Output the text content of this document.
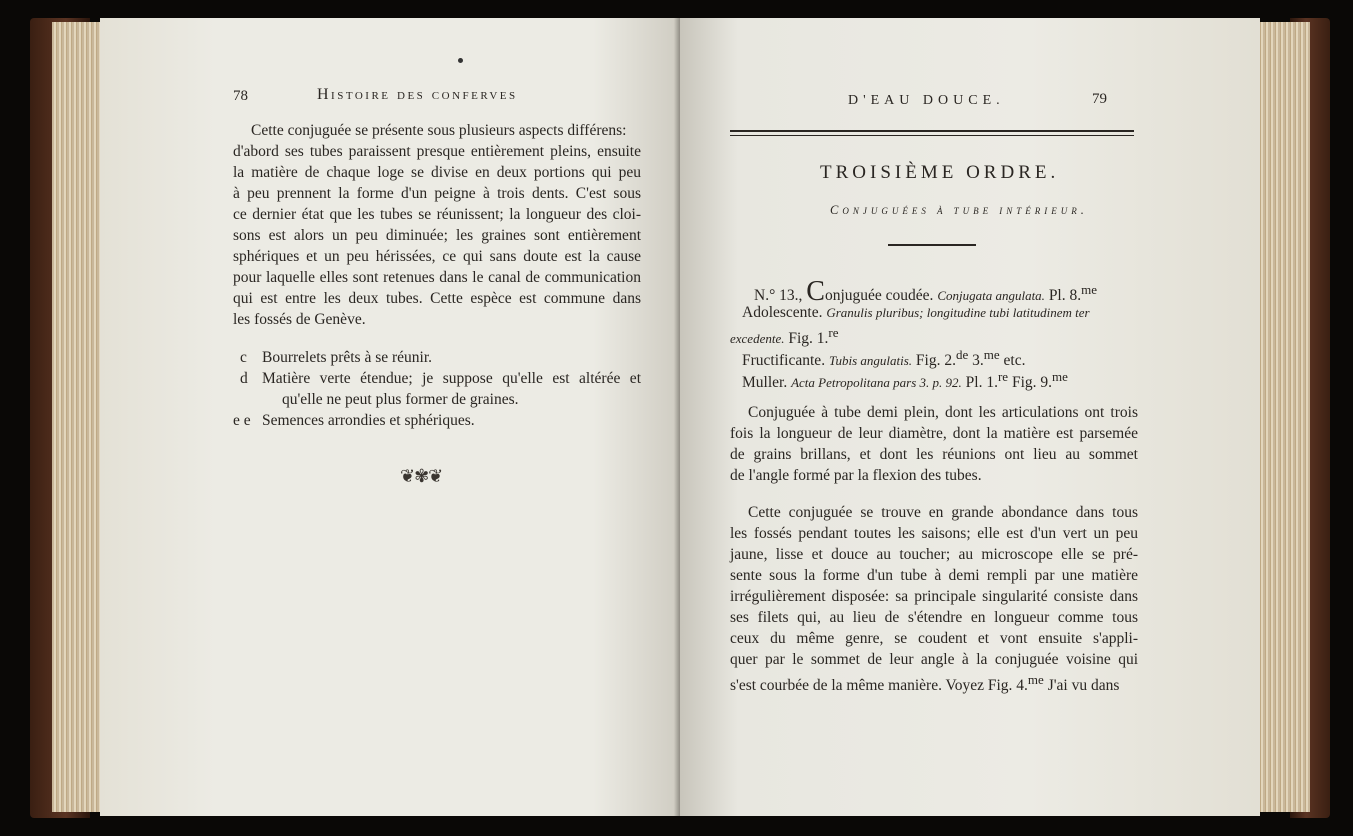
78	Histoire des conferves
Cette conjuguée se présente sous plusieurs aspects différens:
d'abord ses tubes paraissent presque entièrement pleins, ensuite
la matière de chaque loge se divise en deux portions qui peu
à peu prennent la forme d'un peigne à trois dents. C'est sous
ce dernier état que les tubes se réunissent; la longueur des cloi-
sons est alors un peu diminuée; les graines sont entièrement
sphériques et un peu hérissées, ce qui sans doute est la cause
pour laquelle elles sont retenues dans le canal de communication
qui est entre les deux tubes. Cette espèce est commune dans
les fossés de Genève.
c Bourrelets prêts à se réunir.
d Matière verte étendue; je suppose qu'elle est altérée et
qu'elle ne peut plus former de graines.
e e Semences arrondies et sphériques.
❦✾❦
D'EAU DOUCE.	79
TROISIÈME ORDRE.
Conjuguées à tube intérieur.
N.° 13., Conjuguée coudée. Conjugata angulata. Pl. 8.$^{me}$
Adolescente. Granulis pluribus; longitudine tubi latitudinem ter
excedente. Fig. 1.$^{re}$
Fructificante. Tubis angulatis. Fig. 2.$^{de}$ 3.$^{me}$ etc.
Muller. Acta Petropolitana pars 3. p. 92. Pl. 1.$^{re}$ Fig. 9.$^{me}$
Conjuguée à tube demi plein, dont les articulations ont trois
fois la longueur de leur diamètre, dont la matière est parsemée
de grains brillans, et dont les réunions ont lieu au sommet
de l'angle formé par la flexion des tubes.
Cette conjuguée se trouve en grande abondance dans tous
les fossés pendant toutes les saisons; elle est d'un vert un peu
jaune, lisse et douce au toucher; au microscope elle se pré-
sente sous la forme d'un tube à demi rempli par une matière
irrégulièrement disposée: sa principale singularité consiste dans
ses filets qui, au lieu de s'étendre en longueur comme tous
ceux du même genre, se coudent et vont ensuite s'appli-
quer par le sommet de leur angle à la conjuguée voisine qui
s'est courbée de la même manière. Voyez Fig. 4.$^{me}$ J'ai vu dans
